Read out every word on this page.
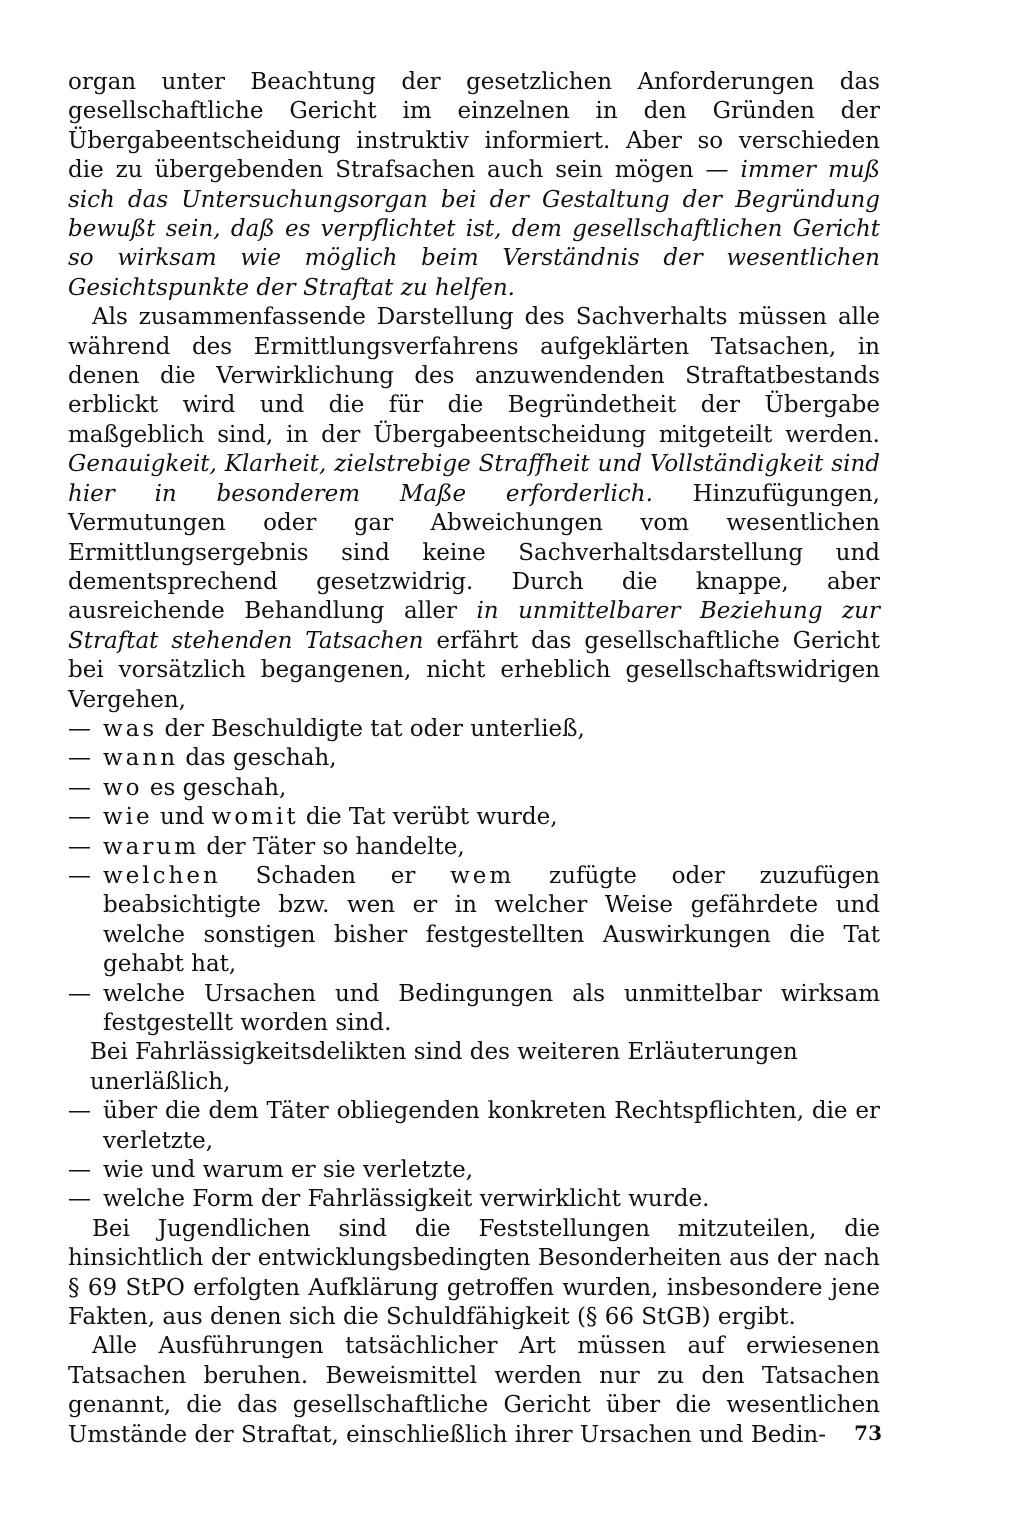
organ unter Beachtung der gesetzlichen Anforderungen das gesellschaftliche Gericht im einzelnen in den Gründen der Übergabeentscheidung instruktiv informiert. Aber so verschieden die zu übergebenden Strafsachen auch sein mögen — immer muß sich das Untersuchungsorgan bei der Gestaltung der Begründung bewußt sein, daß es verpflichtet ist, dem gesellschaftlichen Gericht so wirksam wie möglich beim Verständnis der wesentlichen Gesichtspunkte der Straftat zu helfen.

Als zusammenfassende Darstellung des Sachverhalts müssen alle während des Ermittlungsverfahrens aufgeklärten Tatsachen, in denen die Verwirklichung des anzuwendenden Straftatbestands erblickt wird und die für die Begründetheit der Übergabe maßgeblich sind, in der Übergabeentscheidung mitgeteilt werden. Genauigkeit, Klarheit, zielstrebige Straffheit und Vollständigkeit sind hier in besonderem Maße erforderlich. Hinzufügungen, Vermutungen oder gar Abweichungen vom wesentlichen Ermittlungsergebnis sind keine Sachverhaltsdarstellung und dementsprechend gesetzwidrig. Durch die knappe, aber ausreichende Behandlung aller in unmittelbarer Beziehung zur Straftat stehenden Tatsachen erfährt das gesellschaftliche Gericht bei vorsätzlich begangenen, nicht erheblich gesellschaftswidrigen Vergehen,

— was der Beschuldigte tat oder unterließ,
— wann das geschah,
— wo es geschah,
— wie und womit die Tat verübt wurde,
— warum der Täter so handelte,
— welchen Schaden er wem zufügte oder zuzufügen beabsichtigte bzw. wen er in welcher Weise gefährdete und welche sonstigen bisher festgestellten Auswirkungen die Tat gehabt hat,
— welche Ursachen und Bedingungen als unmittelbar wirksam festgestellt worden sind.

Bei Fahrlässigkeitsdelikten sind des weiteren Erläuterungen unerläßlich,

— über die dem Täter obliegenden konkreten Rechtspflichten, die er verletzte,
— wie und warum er sie verletzte,
— welche Form der Fahrlässigkeit verwirklicht wurde.

Bei Jugendlichen sind die Feststellungen mitzuteilen, die hinsichtlich der entwicklungsbedingten Besonderheiten aus der nach § 69 StPO erfolgten Aufklärung getroffen wurden, insbesondere jene Fakten, aus denen sich die Schuldfähigkeit (§ 66 StGB) ergibt.

Alle Ausführungen tatsächlicher Art müssen auf erwiesenen Tatsachen beruhen. Beweismittel werden nur zu den Tatsachen genannt, die das gesellschaftliche Gericht über die wesentlichen Umstände der Straftat, einschließlich ihrer Ursachen und Bedin-	73
